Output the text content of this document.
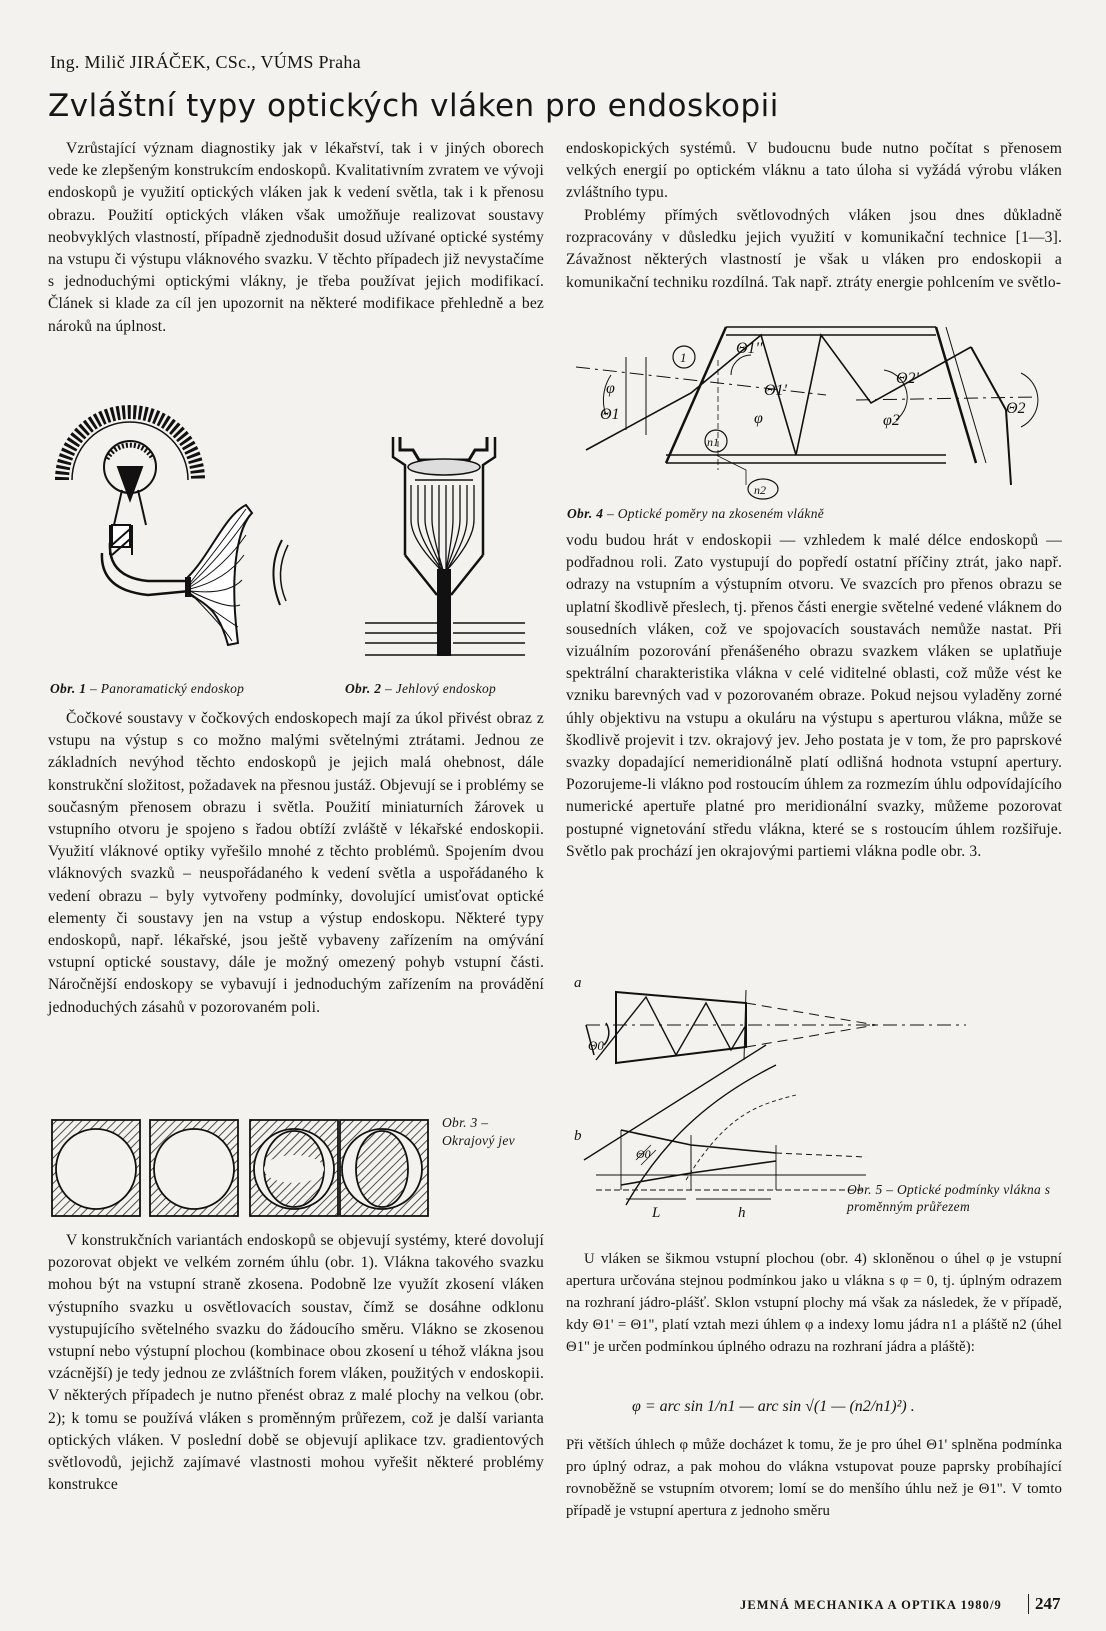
Ing. Milič JIRÁČEK, CSc., VÚMS Praha
Zvláštní typy optických vláken pro endoskopii

Vzrůstající význam diagnostiky jak v lékařství, tak i v jiných oborech vede ke zlepšeným konstrukcím endoskopů. Kvalitativním zvratem ve vývoji endoskopů je využití optických vláken jak k vedení světla, tak i k přenosu obrazu. Použití optických vláken však umožňuje realizovat soustavy neobvyklých vlastností, případně zjednodušit dosud užívané optické systémy na vstupu či výstupu vláknového svazku. V těchto případech již nevystačíme s jednoduchými optickými vlákny, je třeba používat jejich modifikací. Článek si klade za cíl jen upozornit na některé modifikace přehledně a bez nároků na úplnost.

Obr. 1 – Panoramatický endoskop	Obr. 2 – Jehlový endoskop

Čočkové soustavy v čočkových endoskopech mají za úkol přivést obraz z vstupu na výstup s co možno malými světelnými ztrátami. Jednou ze základních nevýhod těchto endoskopů je jejich malá ohebnost, dále konstrukční složitost, požadavek na přesnou justáž. Objevují se i problémy se současným přenosem obrazu i světla. Použití miniaturních žárovek u vstupního otvoru je spojeno s řadou obtíží zvláště v lékařské endoskopii. Využití vláknové optiky vyřešilo mnohé z těchto problémů. Spojením dvou vláknových svazků – neuspořádaného k vedení světla a uspořádaného k vedení obrazu – byly vytvořeny podmínky, dovolující umisťovat optické elementy či soustavy jen na vstup a výstup endoskopu. Některé typy endoskopů, např. lékařské, jsou ještě vybaveny zařízením na omývání vstupní optické soustavy, dále je možný omezený pohyb vstupní části. Náročnější endoskopy se vybavují i jednoduchým zařízením na provádění jednoduchých zásahů v pozorovaném poli.

Obr. 3 – Okrajový jev

V konstrukčních variantách endoskopů se objevují systémy, které dovolují pozorovat objekt ve velkém zorném úhlu (obr. 1). Vlákna takového svazku mohou být na vstupní straně zkosena. Podobně lze využít zkosení vláken výstupního svazku u osvětlovacích soustav, čímž se dosáhne odklonu vystupujícího světelného svazku do žádoucího směru. Vlákno se zkosenou vstupní nebo výstupní plochou (kombinace obou zkosení u téhož vlákna jsou vzácnější) je tedy jednou ze zvláštních forem vláken, použitých v endoskopii. V některých případech je nutno přenést obraz z malé plochy na velkou (obr. 2); k tomu se používá vláken s proměnným průřezem, což je další varianta optických vláken. V poslední době se objevují aplikace tzv. gradientových světlovodů, jejichž zajímavé vlastnosti mohou vyřešit některé problémy konstrukce

endoskopických systémů. V budoucnu bude nutno počítat s přenosem velkých energií po optickém vláknu a tato úloha si vyžádá výrobu vláken zvláštního typu.

Problémy přímých světlovodných vláken jsou dnes důkladně rozpracovány v důsledku jejich využití v komunikační technice [1—3]. Závažnost některých vlastností je však u vláken pro endoskopii a komunikační techniku rozdílná. Tak např. ztráty energie pohlcením ve světlo-

1
n1
n2
φ
Θ1
Θ1''
Θ1'
φ
Θ2'
φ2
Θ2
Obr. 4 – Optické poměry na zkoseném vlákně

vodu budou hrát v endoskopii — vzhledem k malé délce endoskopů — podřadnou roli. Zato vystupují do popředí ostatní příčiny ztrát, jako např. odrazy na vstupním a výstupním otvoru. Ve svazcích pro přenos obrazu se uplatní škodlivě přeslech, tj. přenos části energie světelné vedené vláknem do sousedních vláken, což ve spojovacích soustavách nemůže nastat. Při vizuálním pozorování přenášeného obrazu svazkem vláken se uplatňuje spektrální charakteristika vlákna v celé viditelné oblasti, což může vést ke vzniku barevných vad v pozorovaném obraze. Pokud nejsou vyladěny zorné úhly objektivu na vstupu a okuláru na výstupu s aperturou vlákna, může se škodlivě projevit i tzv. okrajový jev. Jeho postata je v tom, že pro paprskové svazky dopadající nemeridionálně platí odlišná hodnota vstupní apertury. Pozorujeme-li vlákno pod rostoucím úhlem za rozmezím úhlu odpovídajícího numerické apertuře platné pro meridionální svazky, můžeme pozorovat postupné vignetování středu vlákna, které se s rostoucím úhlem rozšiřuje. Světlo pak prochází jen okrajovými partiemi vlákna podle obr. 3.

a
Θ0
b
Θ0
L	h
Obr. 5 – Optické podmínky vlákna s proměnným průřezem

U vláken se šikmou vstupní plochou (obr. 4) skloněnou o úhel φ je vstupní apertura určována stejnou podmínkou jako u vlákna s φ = 0, tj. úplným odrazem na rozhraní jádro-plášť. Sklon vstupní plochy má však za následek, že v případě, kdy Θ1' = Θ1'', platí vztah mezi úhlem φ a indexy lomu jádra n1 a pláště n2 (úhel Θ1'' je určen podmínkou úplného odrazu na rozhraní jádra a pláště):

φ = arc sin 1/n1 — arc sin √(1 — (n2/n1)²) .

Při větších úhlech φ může docházet k tomu, že je pro úhel Θ1' splněna podmínka pro úplný odraz, a pak mohou do vlákna vstupovat pouze paprsky probíhající rovnoběžně se vstupním otvorem; lomí se do menšího úhlu než je Θ1''. V tomto případě je vstupní apertura z jednoho směru

JEMNÁ MECHANIKA A OPTIKA 1980/9	247
